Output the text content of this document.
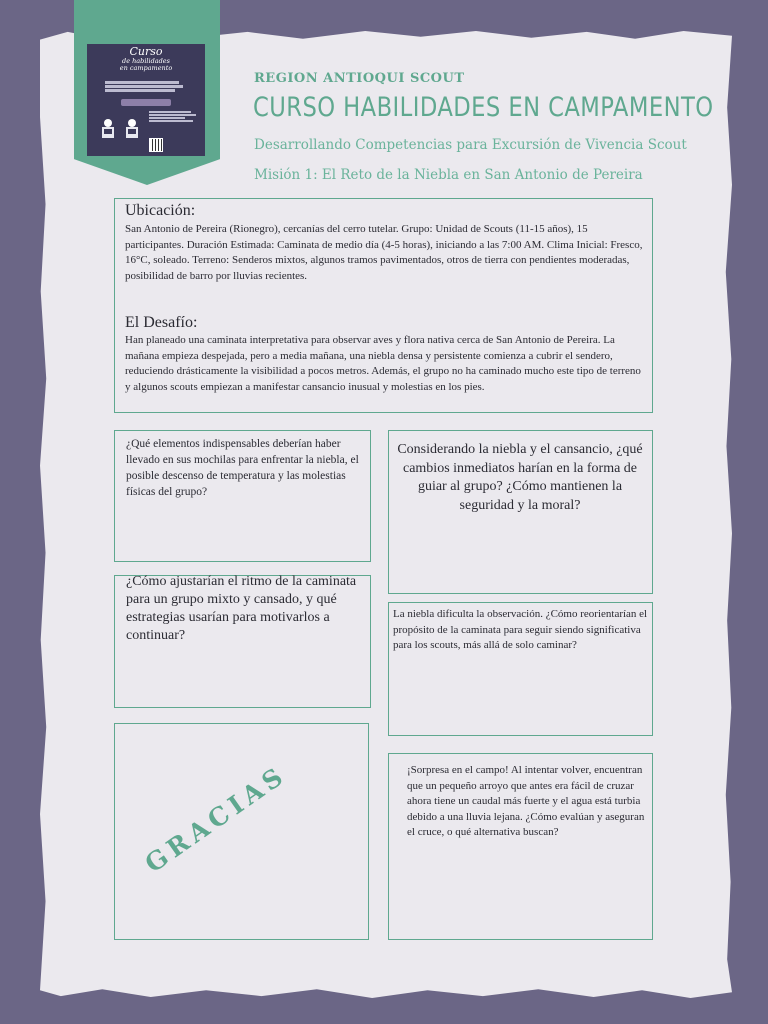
Curso
de habilidades
en campamento
REGION ANTIOQUI SCOUT
CURSO HABILIDADES EN CAMPAMENTO
Desarrollando Competencias para Excursión de Vivencia Scout
Misión 1: El Reto de la Niebla en San Antonio de Pereira
Ubicación:
San Antonio de Pereira (Rionegro), cercanías del cerro tutelar. Grupo: Unidad de Scouts (11-15 años), 15 participantes. Duración Estimada: Caminata de medio día (4-5 horas), iniciando a las 7:00 AM. Clima Inicial: Fresco, 16°C, soleado. Terreno: Senderos mixtos, algunos tramos pavimentados, otros de tierra con pendientes moderadas, posibilidad de barro por lluvias recientes.
El Desafío:
Han planeado una caminata interpretativa para observar aves y flora nativa cerca de San Antonio de Pereira. La mañana empieza despejada, pero a media mañana, una niebla densa y persistente comienza a cubrir el sendero, reduciendo drásticamente la visibilidad a pocos metros. Además, el grupo no ha caminado mucho este tipo de terreno y algunos scouts empiezan a manifestar cansancio inusual y molestias en los pies.
¿Qué elementos indispensables deberían haber llevado en sus mochilas para enfrentar la niebla, el posible descenso de temperatura y las molestias físicas del grupo?
Considerando la niebla y el cansancio, ¿qué cambios inmediatos harían en la forma de guiar al grupo? ¿Cómo mantienen la seguridad y la moral?
¿Cómo ajustarían el ritmo de la caminata para un grupo mixto y cansado, y qué estrategias usarían para motivarlos a continuar?
La niebla dificulta la observación. ¿Cómo reorientarían el propósito de la caminata para seguir siendo significativa para los scouts, más allá de solo caminar?
GRACIAS	¡Sorpresa en el campo! Al intentar volver, encuentran que un pequeño arroyo que antes era fácil de cruzar ahora tiene un caudal más fuerte y el agua está turbia debido a una lluvia lejana. ¿Cómo evalúan y aseguran el cruce, o qué alternativa buscan?
